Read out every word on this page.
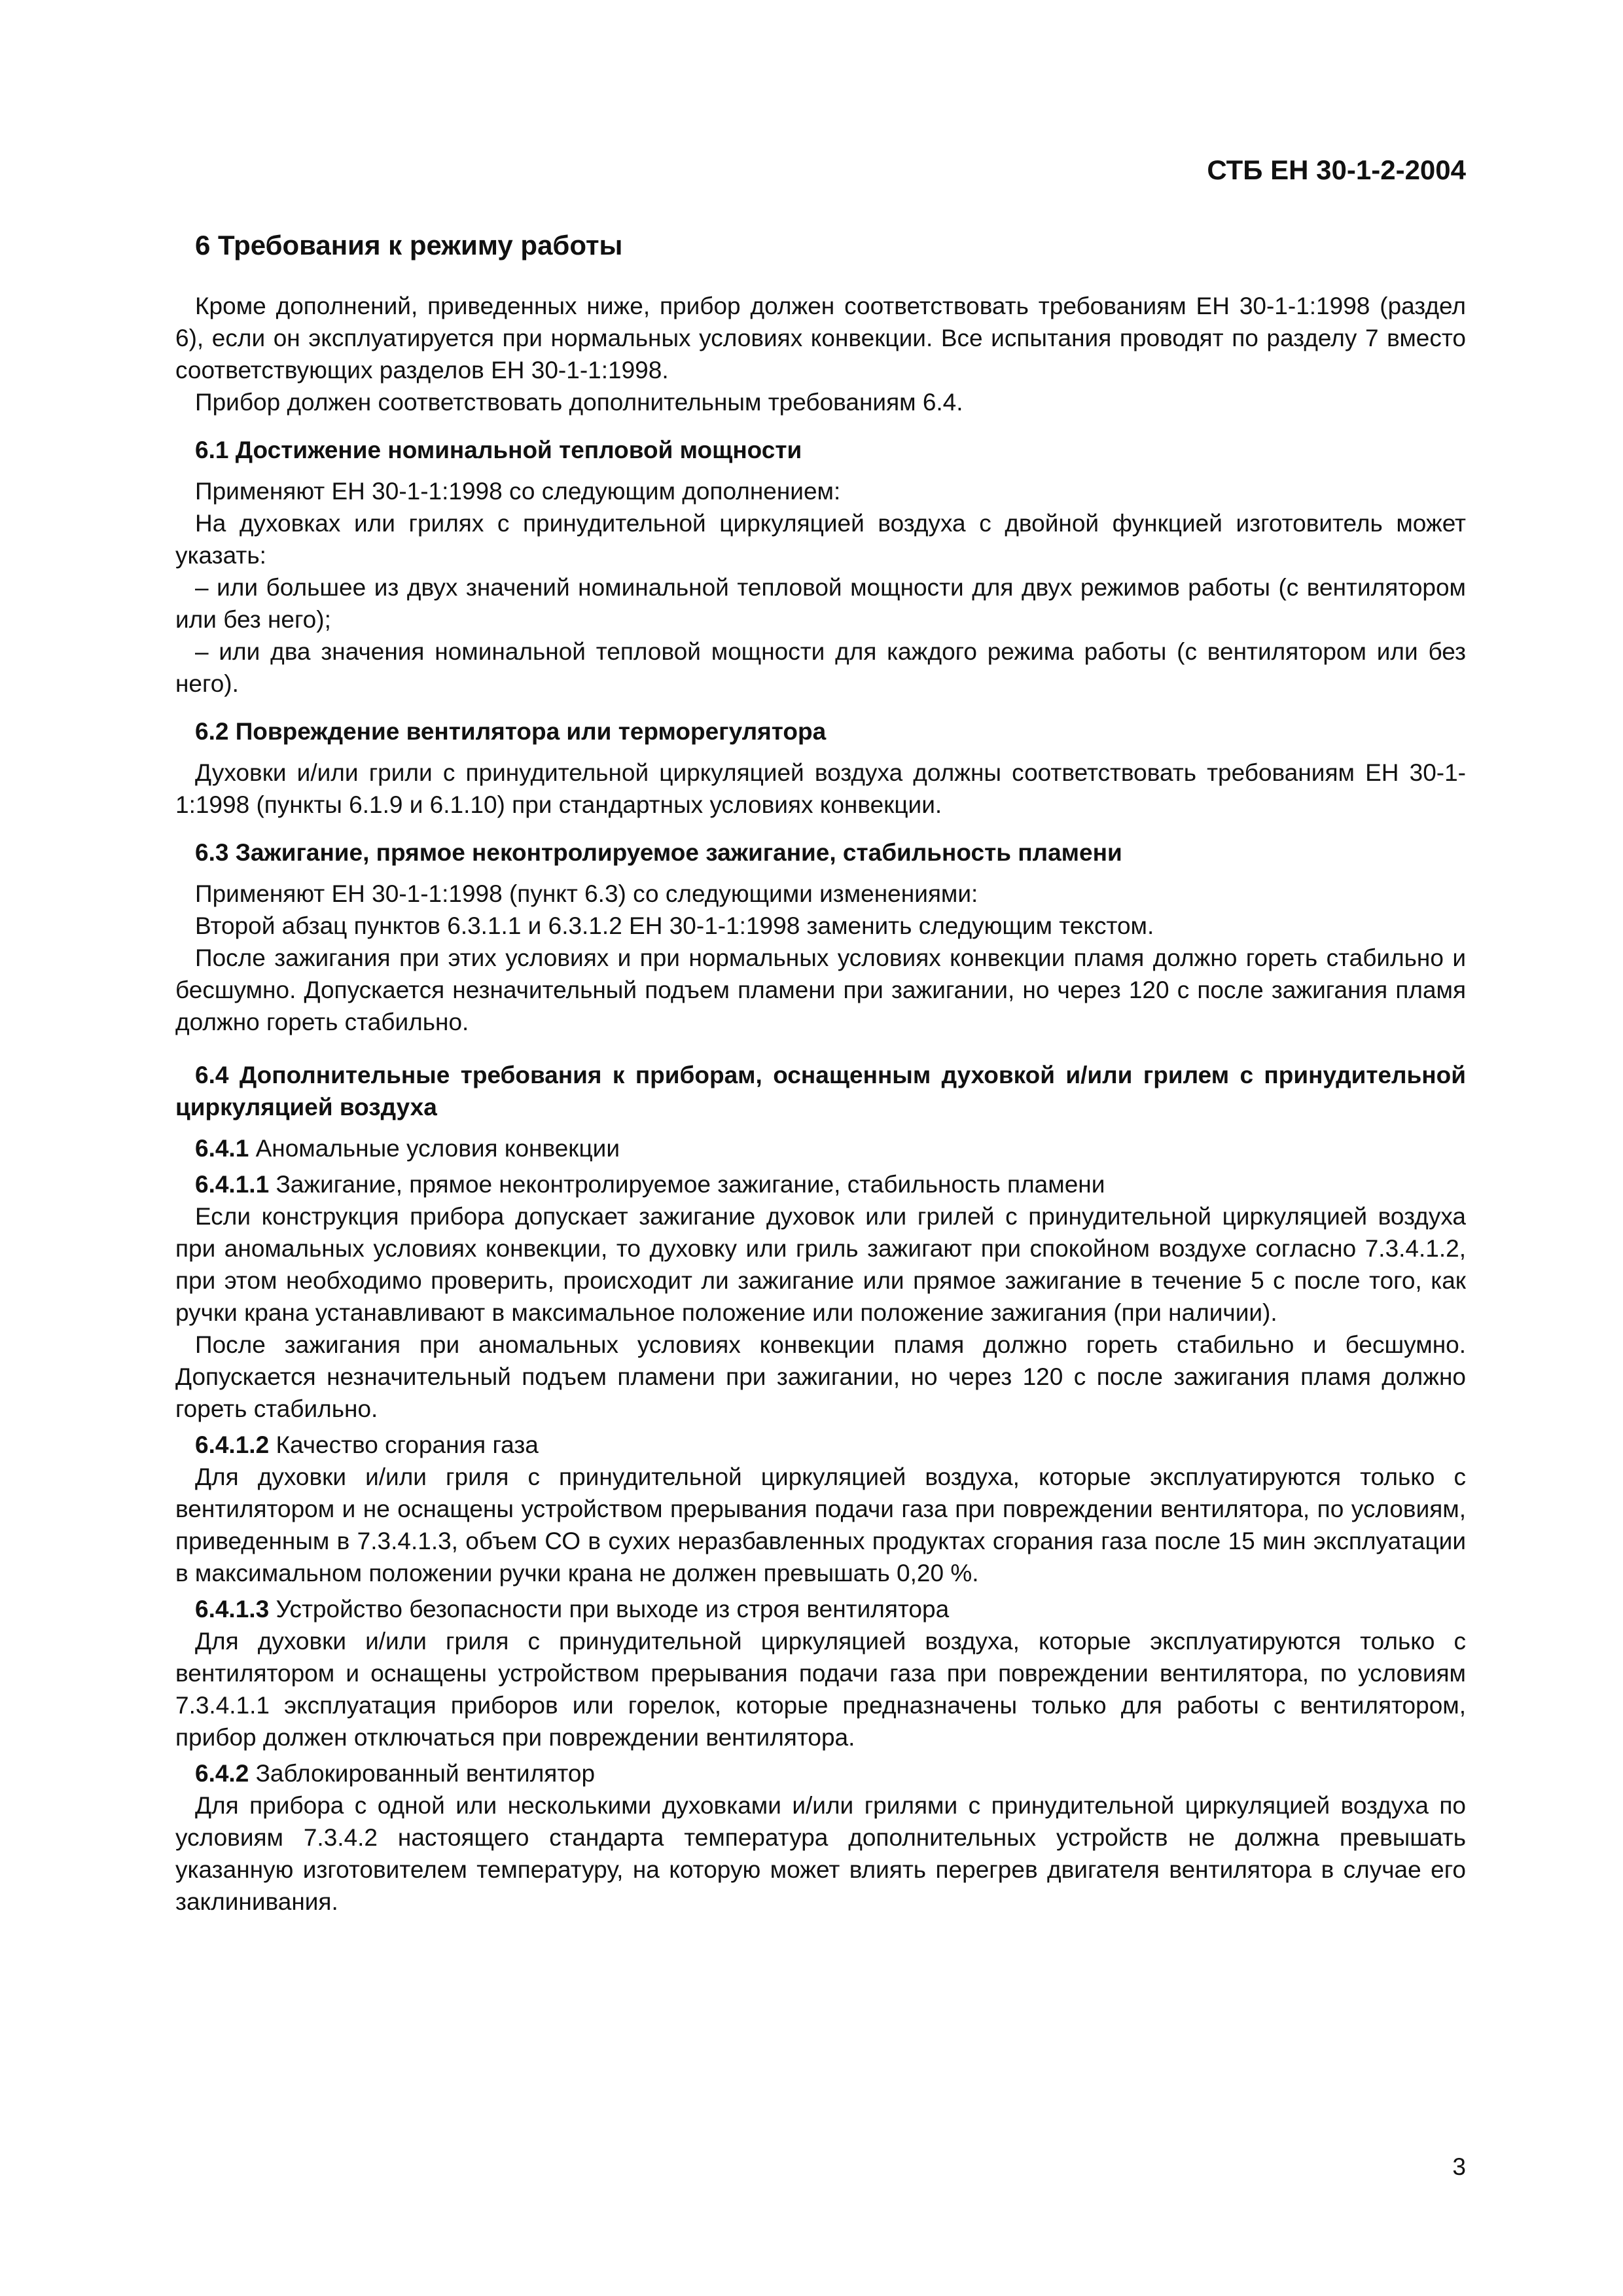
СТБ ЕН 30-1-2-2004

6 Требования к режиму работы

Кроме дополнений, приведенных ниже, прибор должен соответствовать требованиям ЕН 30-1-1:1998 (раздел 6), если он эксплуатируется при нормальных условиях конвекции. Все испытания проводят по разделу 7 вместо соответствующих разделов ЕН 30-1-1:1998.

Прибор должен соответствовать дополнительным требованиям 6.4.

6.1 Достижение номинальной тепловой мощности

Применяют ЕН 30-1-1:1998 со следующим дополнением:

На духовках или грилях с принудительной циркуляцией воздуха с двойной функцией изготовитель может указать:

– или большее из двух значений номинальной тепловой мощности для двух режимов работы (с вентилятором или без него);

– или два значения номинальной тепловой мощности для каждого режима работы (с вентилятором или без него).

6.2 Повреждение вентилятора или терморегулятора

Духовки и/или грили с принудительной циркуляцией воздуха должны соответствовать требованиям ЕН 30-1-1:1998 (пункты 6.1.9 и 6.1.10) при стандартных условиях конвекции.

6.3 Зажигание, прямое неконтролируемое зажигание, стабильность пламени

Применяют ЕН 30-1-1:1998 (пункт 6.3) со следующими изменениями:

Второй абзац пунктов 6.3.1.1 и 6.3.1.2 ЕН 30-1-1:1998 заменить следующим текстом.

После зажигания при этих условиях и при нормальных условиях конвекции пламя должно гореть стабильно и бесшумно. Допускается незначительный подъем пламени при зажигании, но через 120 с после зажигания пламя должно гореть стабильно.

6.4 Дополнительные требования к приборам, оснащенным духовкой и/или грилем с принудительной циркуляцией воздуха

6.4.1 Аномальные условия конвекции

6.4.1.1 Зажигание, прямое неконтролируемое зажигание, стабильность пламени

Если конструкция прибора допускает зажигание духовок или грилей с принудительной циркуляцией воздуха при аномальных условиях конвекции, то духовку или гриль зажигают при спокойном воздухе согласно 7.3.4.1.2, при этом необходимо проверить, происходит ли зажигание или прямое зажигание в течение 5 с после того, как ручки крана устанавливают в максимальное положение или положение зажигания (при наличии).

После зажигания при аномальных условиях конвекции пламя должно гореть стабильно и бесшумно. Допускается незначительный подъем пламени при зажигании, но через 120 с после зажигания пламя должно гореть стабильно.

6.4.1.2 Качество сгорания газа

Для духовки и/или гриля с принудительной циркуляцией воздуха, которые эксплуатируются только с вентилятором и не оснащены устройством прерывания подачи газа при повреждении вентилятора, по условиям, приведенным в 7.3.4.1.3, объем СО в сухих неразбавленных продуктах сгорания газа после 15 мин эксплуатации в максимальном положении ручки крана не должен превышать 0,20 %.

6.4.1.3 Устройство безопасности при выходе из строя вентилятора

Для духовки и/или гриля с принудительной циркуляцией воздуха, которые эксплуатируются только с вентилятором и оснащены устройством прерывания подачи газа при повреждении вентилятора, по условиям 7.3.4.1.1 эксплуатация приборов или горелок, которые предназначены только для работы с вентилятором, прибор должен отключаться при повреждении вентилятора.

6.4.2 Заблокированный вентилятор

Для прибора с одной или несколькими духовками и/или грилями с принудительной циркуляцией воздуха по условиям 7.3.4.2 настоящего стандарта температура дополнительных устройств не должна превышать указанную изготовителем температуру, на которую может влиять перегрев двигателя вентилятора в случае его заклинивания.

3
